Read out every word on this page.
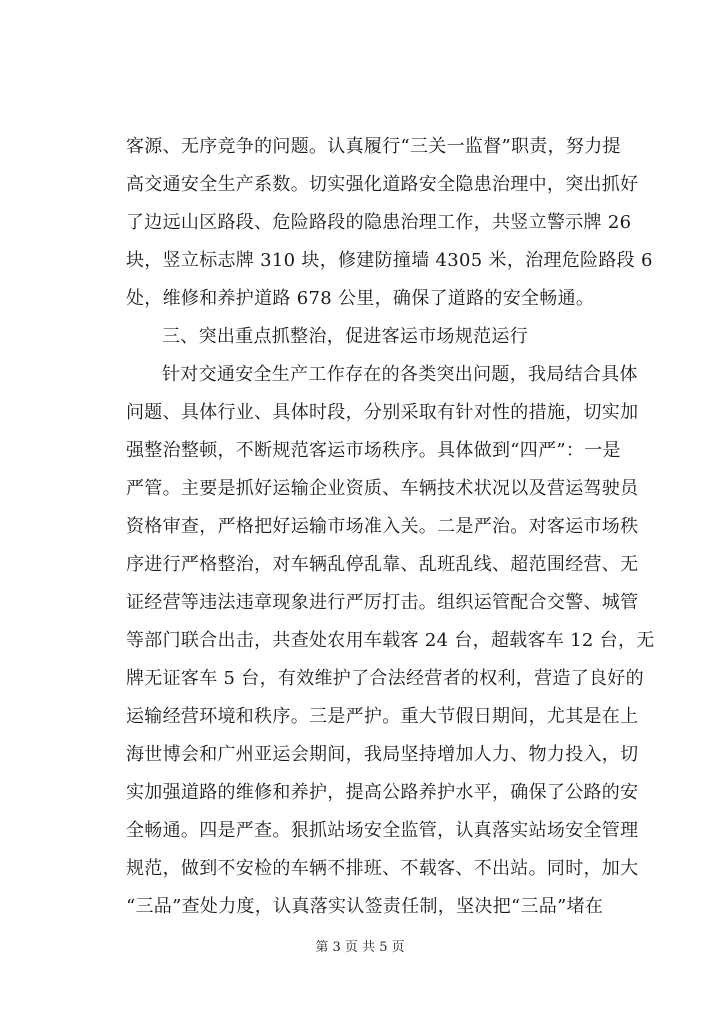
客源、无序竞争的问题。认真履行“三关一监督”职责，努力提
高交通安全生产系数。切实强化道路安全隐患治理中，突出抓好
了边远山区路段、危险路段的隐患治理工作，共竖立警示牌 26
块，竖立标志牌 310 块，修建防撞墙 4305 米，治理危险路段 6
处，维修和养护道路 678 公里，确保了道路的安全畅通。
三、突出重点抓整治，促进客运市场规范运行
针对交通安全生产工作存在的各类突出问题，我局结合具体
问题、具体行业、具体时段，分别采取有针对性的措施，切实加
强整治整顿，不断规范客运市场秩序。具体做到“四严”：一是
严管。主要是抓好运输企业资质、车辆技术状况以及营运驾驶员
资格审查，严格把好运输市场准入关。二是严治。对客运市场秩
序进行严格整治，对车辆乱停乱靠、乱班乱线、超范围经营、无
证经营等违法违章现象进行严厉打击。组织运管配合交警、城管
等部门联合出击，共查处农用车载客 24 台，超载客车 12 台，无
牌无证客车 5 台，有效维护了合法经营者的权利，营造了良好的
运输经营环境和秩序。三是严护。重大节假日期间，尤其是在上
海世博会和广州亚运会期间，我局坚持增加人力、物力投入，切
实加强道路的维修和养护，提高公路养护水平，确保了公路的安
全畅通。四是严查。狠抓站场安全监管，认真落实站场安全管理
规范，做到不安检的车辆不排班、不载客、不出站。同时，加大
“三品”查处力度，认真落实认签责任制，坚决把“三品”堵在
第 3 页 共 5 页
